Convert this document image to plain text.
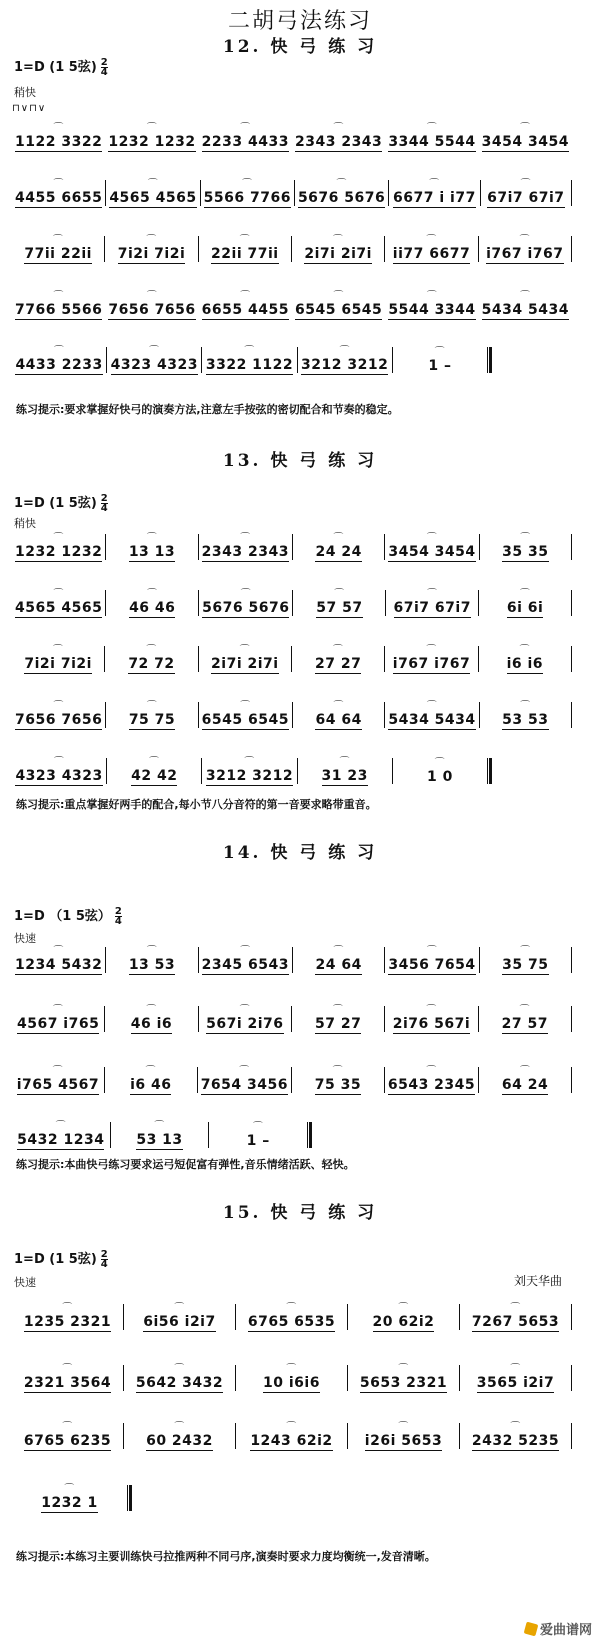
二胡弓法练习
12. 快 弓 练 习
13. 快 弓 练 习
14. 快 弓 练 习
15. 快 弓 练 习
爱曲谱网
1=D (1 5弦) $\frac{2}{4}$
稍快
⊓∨⊓∨
⌒ 1122 3322 ⌒ 1232 1232 ⌒ 2233 4433 ⌒ 2343 2343 ⌒ 3344 5544 ⌒ 3454 3454
⌒ 4455 6655 ⌒ 4565 4565 ⌒ 5566 7766 ⌒ 5676 5676 ⌒ 6677 i i77 ⌒ 67i7 67i7
⌒ 77ii 22ii ⌒ 7i2i 7i2i ⌒ 22ii 77ii ⌒ 2i7i 2i7i ⌒ ii77 6677 ⌒ i767 i767
⌒ 7766 5566 ⌒ 7656 7656 ⌒ 6655 4455 ⌒ 6545 6545 ⌒ 5544 3344 ⌒ 5434 5434
⌒ 4433 2233 ⌒ 4323 4323 ⌒ 3322 1122 ⌒ 3212 3212	⌒ 1 –
练习提示:要求掌握好快弓的演奏方法,注意左手按弦的密切配合和节奏的稳定。
1=D (1 5弦) $\frac{2}{4}$
稍快
⌒ 1232 1232 ⌒ 13 13 ⌒ 2343 2343 ⌒ 24 24 ⌒ 3454 3454 ⌒ 35 35
⌒ 4565 4565 ⌒ 46 46 ⌒ 5676 5676 ⌒ 57 57 ⌒ 67i7 67i7	⌒ 6i 6i
⌒ 7i2i 7i2i	⌒ 72 72	⌒ 2i7i 2i7i	⌒ 27 27 ⌒ i767 i767	⌒ i6 i6
⌒ 7656 7656 ⌒ 75 75 ⌒ 6545 6545 ⌒ 64 64 ⌒ 5434 5434 ⌒ 53 53
⌒ 4323 4323 ⌒ 42 42 ⌒ 3212 3212 ⌒ 31 23	⌒ 1 0
练习提示:重点掌握好两手的配合,每小节八分音符的第一音要求略带重音。
1=D （1 5弦） $\frac{2}{4}$
快速
⌒ 1234 5432 ⌒ 13 53 ⌒ 2345 6543 ⌒ 24 64 ⌒ 3456 7654 ⌒ 35 75
⌒ 4567 i765 ⌒ 46 i6 ⌒ 567i 2i76 ⌒ 57 27 ⌒ 2i76 567i ⌒ 27 57
⌒ i765 4567 ⌒ i6 46 ⌒ 7654 3456 ⌒ 75 35 ⌒ 6543 2345 ⌒ 64 24
⌒ 5432 1234 ⌒ 53 13	⌒ 1 –
练习提示:本曲快弓练习要求运弓短促富有弹性,音乐情绪活跃、轻快。
1=D (1 5弦) $\frac{2}{4}$
快速	刘天华曲
⌒ 1235 2321 ⌒ 6i56 i2i7 ⌒ 6765 6535	⌒ 20 62i2	⌒ 7267 5653
⌒ 2321 3564 ⌒ 5642 3432	⌒ 10 i6i6	⌒ 5653 2321 ⌒ 3565 i2i7
⌒ 6765 6235 ⌒ 60 2432	⌒ 1243 62i2 ⌒ i26i 5653 ⌒ 2432 5235
⌒ 1232 1
练习提示:本练习主要训练快弓拉推两种不同弓序,演奏时要求力度均衡统一,发音清晰。
